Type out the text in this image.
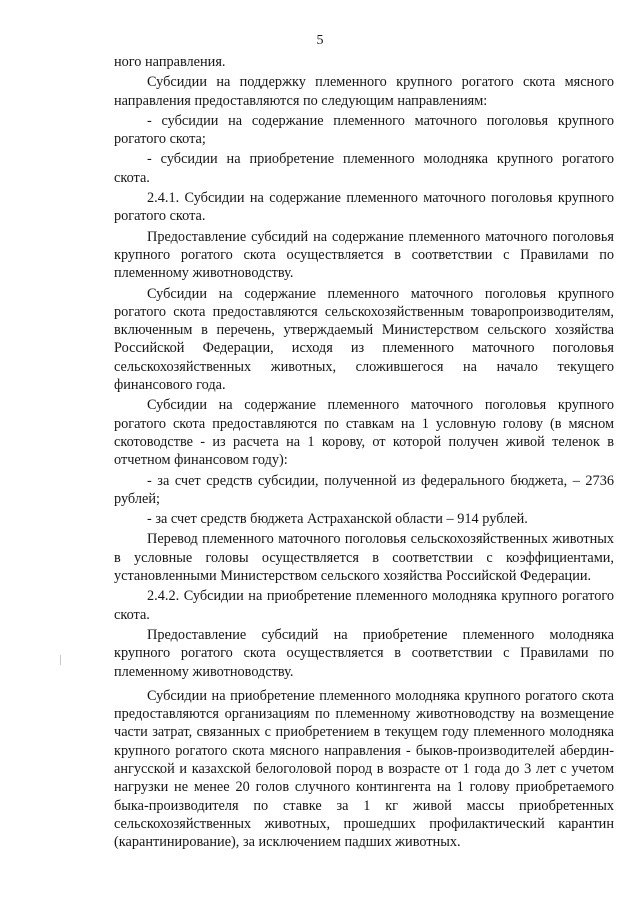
5

ного направления.

Субсидии на поддержку племенного крупного рогатого скота мясного направления предоставляются по следующим направлениям:

- субсидии на содержание племенного маточного поголовья крупного рогатого скота;

- субсидии на приобретение племенного молодняка крупного рогатого скота.

2.4.1. Субсидии на содержание племенного маточного поголовья крупного рогатого скота.

Предоставление субсидий на содержание племенного маточного поголовья крупного рогатого скота осуществляется в соответствии с Правилами по племенному животноводству.

Субсидии на содержание племенного маточного поголовья крупного рогатого скота предоставляются сельскохозяйственным товаропроизводителям, включенным в перечень, утверждаемый Министерством сельского хозяйства Российской Федерации, исходя из племенного маточного поголовья сельскохозяйственных животных, сложившегося на начало текущего финансового года.

Субсидии на содержание племенного маточного поголовья крупного рогатого скота предоставляются по ставкам на 1 условную голову (в мясном скотоводстве - из расчета на 1 корову, от которой получен живой теленок в отчетном финансовом году):

- за счет средств субсидии, полученной из федерального бюджета, – 2736 рублей;

- за счет средств бюджета Астраханской области – 914 рублей.

Перевод племенного маточного поголовья сельскохозяйственных животных в условные головы осуществляется в соответствии с коэффициентами, установленными Министерством сельского хозяйства Российской Федерации.

2.4.2. Субсидии на приобретение племенного молодняка крупного рогатого скота.

Предоставление субсидий на приобретение племенного молодняка крупного рогатого скота осуществляется в соответствии с Правилами по племенному животноводству.

Субсидии на приобретение племенного молодняка крупного рогатого скота предоставляются организациям по племенному животноводству на возмещение части затрат, связанных с приобретением в текущем году племенного молодняка крупного рогатого скота мясного направления - быков-производителей абердин-ангусской и казахской белоголовой пород в возрасте от 1 года до 3 лет с учетом нагрузки не менее 20 голов случного контингента на 1 голову приобретаемого быка-производителя по ставке за 1 кг живой массы приобретенных сельскохозяйственных животных, прошедших профилактический карантин (карантинирование), за исключением падших животных.
